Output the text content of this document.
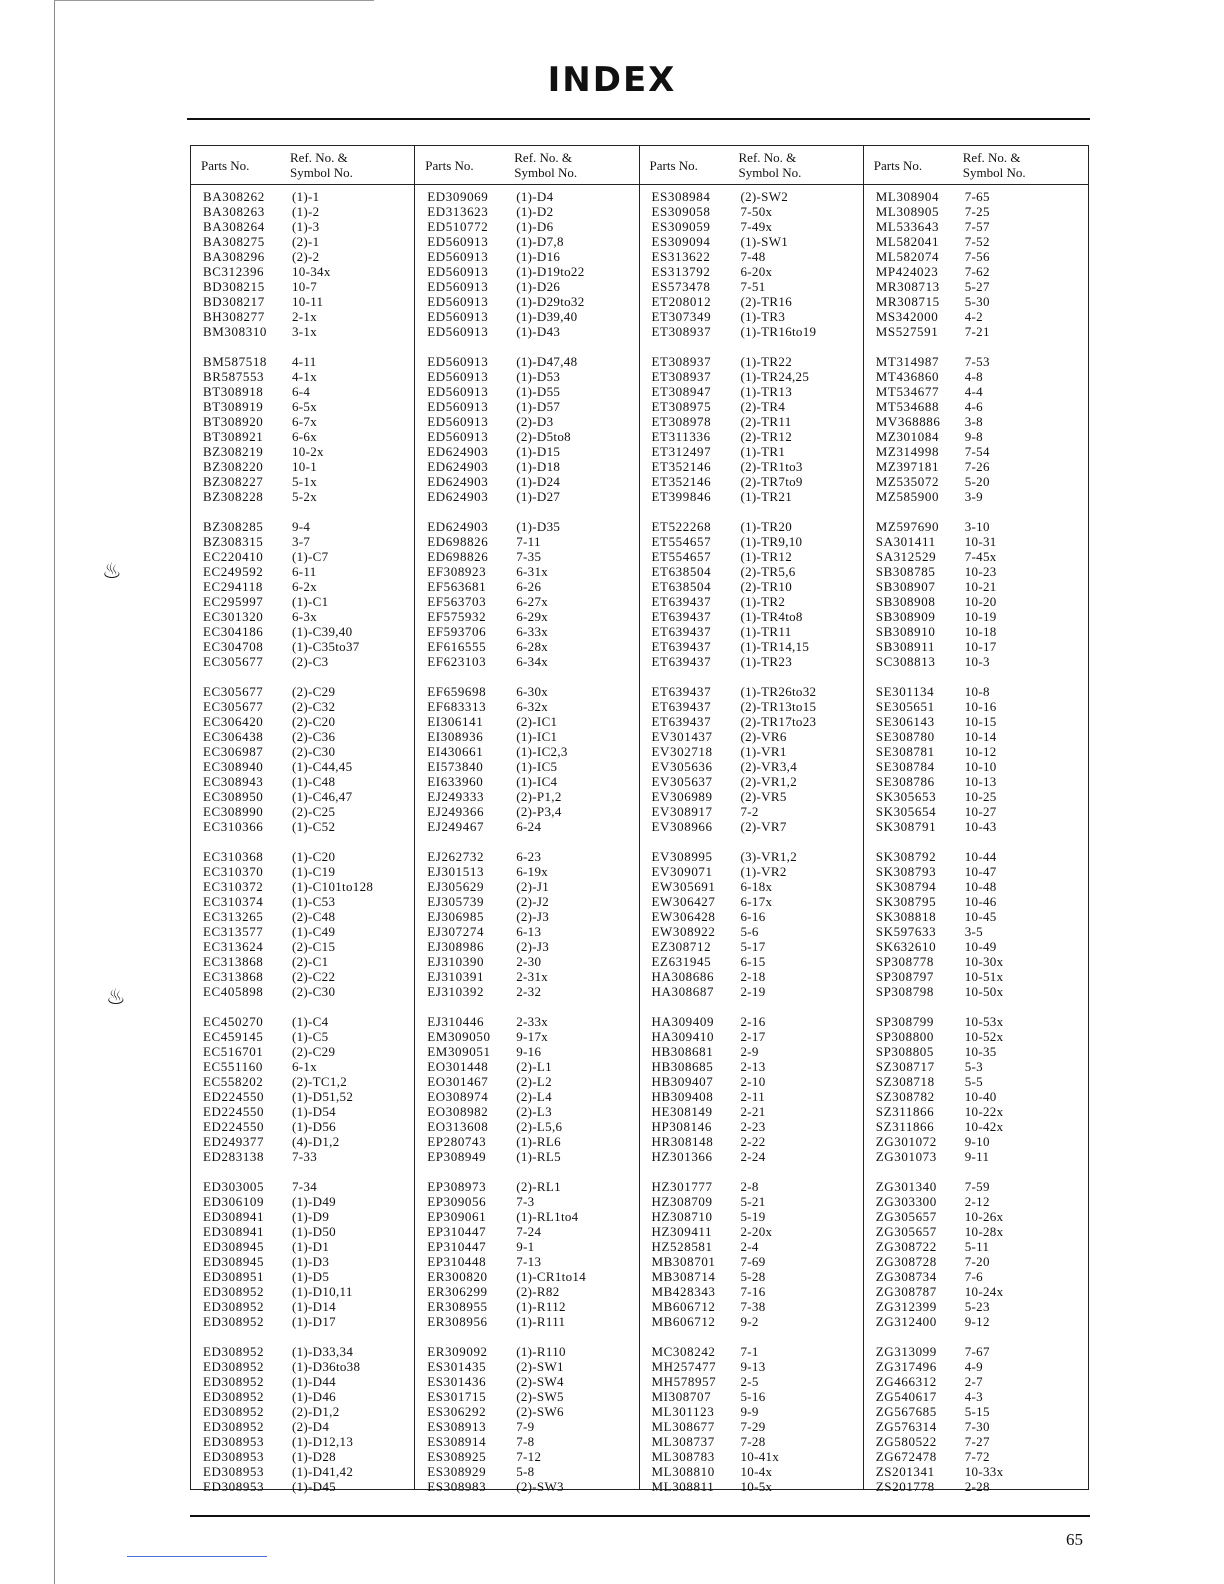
♨
♨
INDEX
Parts No.
Ref. No. &
Symbol No.
BA308262 (1)-1
BA308263 (1)-2
BA308264 (1)-3
BA308275 (2)-1
BA308296 (2)-2
BC312396 10-34x
BD308215 10-7
BD308217 10-11
BH308277 2-1x
BM308310 3-1x
BM587518 4-11
BR587553 4-1x
BT308918 6-4
BT308919 6-5x
BT308920 6-7x
BT308921 6-6x
BZ308219 10-2x
BZ308220 10-1
BZ308227 5-1x
BZ308228 5-2x
BZ308285 9-4
BZ308315 3-7
EC220410 (1)-C7
EC249592 6-11
EC294118 6-2x
EC295997 (1)-C1
EC301320 6-3x
EC304186 (1)-C39,40
EC304708 (1)-C35to37
EC305677 (2)-C3
EC305677 (2)-C29
EC305677 (2)-C32
EC306420 (2)-C20
EC306438 (2)-C36
EC306987 (2)-C30
EC308940 (1)-C44,45
EC308943 (1)-C48
EC308950 (1)-C46,47
EC308990 (2)-C25
EC310366 (1)-C52
EC310368 (1)-C20
EC310370 (1)-C19
EC310372 (1)-C101to128
EC310374 (1)-C53
EC313265 (2)-C48
EC313577 (1)-C49
EC313624 (2)-C15
EC313868 (2)-C1
EC313868 (2)-C22
EC405898 (2)-C30
EC450270 (1)-C4
EC459145 (1)-C5
EC516701 (2)-C29
EC551160 6-1x
EC558202 (2)-TC1,2
ED224550 (1)-D51,52
ED224550 (1)-D54
ED224550 (1)-D56
ED249377 (4)-D1,2
ED283138 7-33
ED303005 7-34
ED306109 (1)-D49
ED308941 (1)-D9
ED308941 (1)-D50
ED308945 (1)-D1
ED308945 (1)-D3
ED308951 (1)-D5
ED308952 (1)-D10,11
ED308952 (1)-D14
ED308952 (1)-D17
ED308952 (1)-D33,34
ED308952 (1)-D36to38
ED308952 (1)-D44
ED308952 (1)-D46
ED308952 (2)-D1,2
ED308952 (2)-D4
ED308953 (1)-D12,13
ED308953 (1)-D28
ED308953 (1)-D41,42
ED308953 (1)-D45
Parts No.
Ref. No. &
Symbol No.
ED309069 (1)-D4
ED313623 (1)-D2
ED510772 (1)-D6
ED560913 (1)-D7,8
ED560913 (1)-D16
ED560913 (1)-D19to22
ED560913 (1)-D26
ED560913 (1)-D29to32
ED560913 (1)-D39,40
ED560913 (1)-D43
ED560913 (1)-D47,48
ED560913 (1)-D53
ED560913 (1)-D55
ED560913 (1)-D57
ED560913 (2)-D3
ED560913 (2)-D5to8
ED624903 (1)-D15
ED624903 (1)-D18
ED624903 (1)-D24
ED624903 (1)-D27
ED624903 (1)-D35
ED698826 7-11
ED698826 7-35
EF308923 6-31x
EF563681 6-26
EF563703 6-27x
EF575932 6-29x
EF593706 6-33x
EF616555 6-28x
EF623103 6-34x
EF659698 6-30x
EF683313 6-32x
EI306141	(2)-IC1
EI308936	(1)-IC1
EI430661	(1)-IC2,3
EI573840	(1)-IC5
EI633960	(1)-IC4
EJ249333 (2)-P1,2
EJ249366 (2)-P3,4
EJ249467 6-24
EJ262732 6-23
EJ301513 6-19x
EJ305629 (2)-J1
EJ305739 (2)-J2
EJ306985 (2)-J3
EJ307274 6-13
EJ308986 (2)-J3
EJ310390 2-30
EJ310391 2-31x
EJ310392 2-32
EJ310446 2-33x
EM309050 9-17x
EM309051 9-16
EO301448 (2)-L1
EO301467 (2)-L2
EO308974 (2)-L4
EO308982 (2)-L3
EO313608 (2)-L5,6
EP280743 (1)-RL6
EP308949 (1)-RL5
EP308973 (2)-RL1
EP309056 7-3
EP309061 (1)-RL1to4
EP310447 7-24
EP310447 9-1
EP310448 7-13
ER300820 (1)-CR1to14
ER306299 (2)-R82
ER308955 (1)-R112
ER308956 (1)-R111
ER309092 (1)-R110
ES301435 (2)-SW1
ES301436 (2)-SW4
ES301715 (2)-SW5
ES306292 (2)-SW6
ES308913 7-9
ES308914 7-8
ES308925 7-12
ES308929 5-8
ES308983 (2)-SW3
Parts No.
Ref. No. &
Symbol No.
ES308984 (2)-SW2
ES309058 7-50x
ES309059 7-49x
ES309094 (1)-SW1
ES313622 7-48
ES313792 6-20x
ES573478 7-51
ET208012 (2)-TR16
ET307349 (1)-TR3
ET308937 (1)-TR16to19
ET308937 (1)-TR22
ET308937 (1)-TR24,25
ET308947 (1)-TR13
ET308975 (2)-TR4
ET308978 (2)-TR11
ET311336 (2)-TR12
ET312497 (1)-TR1
ET352146 (2)-TR1to3
ET352146 (2)-TR7to9
ET399846 (1)-TR21
ET522268 (1)-TR20
ET554657 (1)-TR9,10
ET554657 (1)-TR12
ET638504 (2)-TR5,6
ET638504 (2)-TR10
ET639437 (1)-TR2
ET639437 (1)-TR4to8
ET639437 (1)-TR11
ET639437 (1)-TR14,15
ET639437 (1)-TR23
ET639437 (1)-TR26to32
ET639437 (2)-TR13to15
ET639437 (2)-TR17to23
EV301437 (2)-VR6
EV302718 (1)-VR1
EV305636 (2)-VR3,4
EV305637 (2)-VR1,2
EV306989 (2)-VR5
EV308917 7-2
EV308966 (2)-VR7
EV308995 (3)-VR1,2
EV309071 (1)-VR2
EW305691 6-18x
EW306427 6-17x
EW306428 6-16
EW308922 5-6
EZ308712 5-17
EZ631945 6-15
HA308686 2-18
HA308687 2-19
HA309409 2-16
HA309410 2-17
HB308681 2-9
HB308685 2-13
HB309407 2-10
HB309408 2-11
HE308149 2-21
HP308146 2-23
HR308148 2-22
HZ301366 2-24
HZ301777 2-8
HZ308709 5-21
HZ308710 5-19
HZ309411 2-20x
HZ528581 2-4
MB308701 7-69
MB308714 5-28
MB428343 7-16
MB606712 7-38
MB606712 9-2
MC308242 7-1
MH257477 9-13
MH578957 2-5
MI308707 5-16
ML301123 9-9
ML308677 7-29
ML308737 7-28
ML308783 10-41x
ML308810 10-4x
ML308811 10-5x
Parts No.
Ref. No. &
Symbol No.
ML308904 7-65
ML308905 7-25
ML533643 7-57
ML582041 7-52
ML582074 7-56
MP424023 7-62
MR308713 5-27
MR308715 5-30
MS342000 4-2
MS527591 7-21
MT314987 7-53
MT436860 4-8
MT534677 4-4
MT534688 4-6
MV368886 3-8
MZ301084 9-8
MZ314998 7-54
MZ397181 7-26
MZ535072 5-20
MZ585900 3-9
MZ597690 3-10
SA301411 10-31
SA312529 7-45x
SB308785 10-23
SB308907 10-21
SB308908 10-20
SB308909 10-19
SB308910 10-18
SB308911 10-17
SC308813 10-3
SE301134 10-8
SE305651 10-16
SE306143 10-15
SE308780 10-14
SE308781 10-12
SE308784 10-10
SE308786 10-13
SK305653 10-25
SK305654 10-27
SK308791 10-43
SK308792 10-44
SK308793 10-47
SK308794 10-48
SK308795 10-46
SK308818 10-45
SK597633 3-5
SK632610 10-49
SP308778 10-30x
SP308797 10-51x
SP308798 10-50x
SP308799 10-53x
SP308800 10-52x
SP308805 10-35
SZ308717 5-3
SZ308718 5-5
SZ308782 10-40
SZ311866 10-22x
SZ311866 10-42x
ZG301072 9-10
ZG301073 9-11
ZG301340 7-59
ZG303300 2-12
ZG305657 10-26x
ZG305657 10-28x
ZG308722 5-11
ZG308728 7-20
ZG308734 7-6
ZG308787 10-24x
ZG312399 5-23
ZG312400 9-12
ZG313099 7-67
ZG317496 4-9
ZG466312 2-7
ZG540617 4-3
ZG567685 5-15
ZG576314 7-30
ZG580522 7-27
ZG672478 7-72
ZS201341 10-33x
ZS201778 2-28
65
